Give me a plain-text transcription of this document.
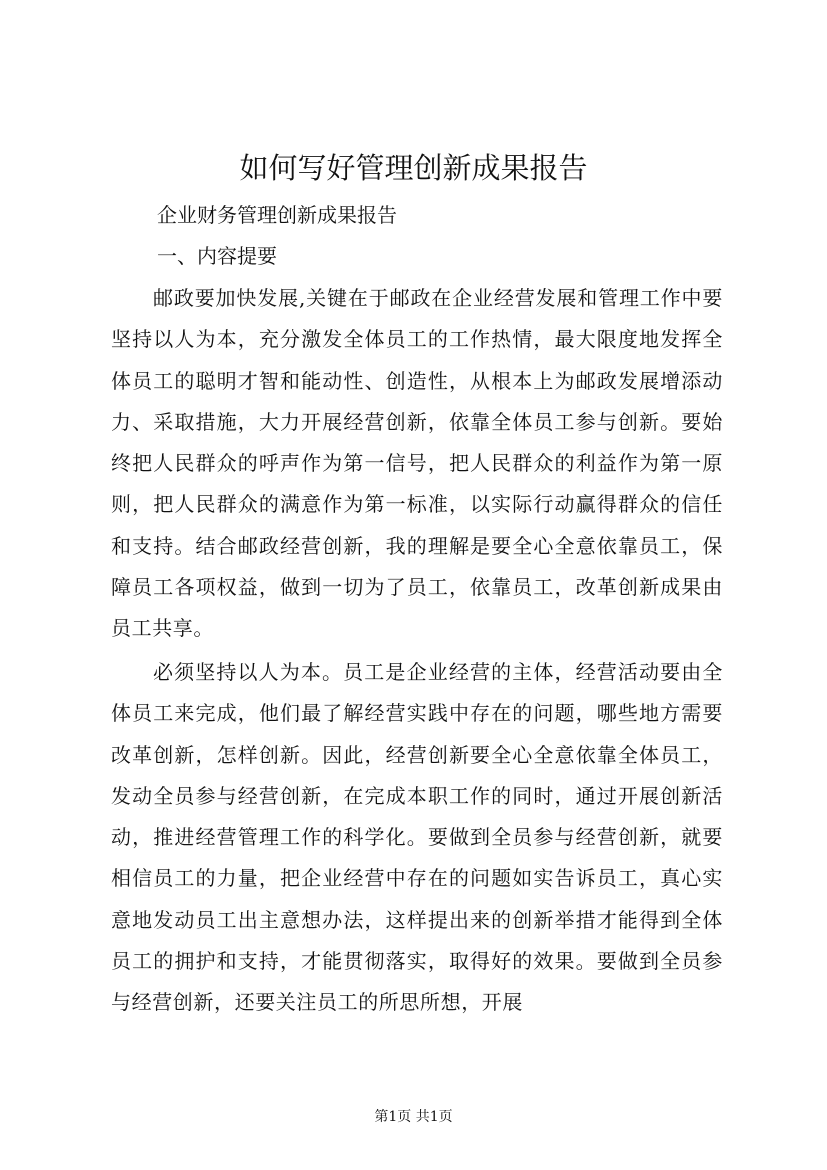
如何写好管理创新成果报告

企业财务管理创新成果报告

一、内容提要

邮政要加快发展,关键在于邮政在企业经营发展和管理工作中要坚持以人为本，充分激发全体员工的工作热情，最大限度地发挥全体员工的聪明才智和能动性、创造性，从根本上为邮政发展增添动力、采取措施，大力开展经营创新，依靠全体员工参与创新。要始终把人民群众的呼声作为第一信号，把人民群众的利益作为第一原则，把人民群众的满意作为第一标准，以实际行动赢得群众的信任和支持。结合邮政经营创新，我的理解是要全心全意依靠员工，保障员工各项权益，做到一切为了员工，依靠员工，改革创新成果由员工共享。

必须坚持以人为本。员工是企业经营的主体，经营活动要由全体员工来完成，他们最了解经营实践中存在的问题，哪些地方需要改革创新，怎样创新。因此，经营创新要全心全意依靠全体员工，发动全员参与经营创新，在完成本职工作的同时，通过开展创新活动，推进经营管理工作的科学化。要做到全员参与经营创新，就要相信员工的力量，把企业经营中存在的问题如实告诉员工，真心实意地发动员工出主意想办法，这样提出来的创新举措才能得到全体员工的拥护和支持，才能贯彻落实，取得好的效果。要做到全员参与经营创新，还要关注员工的所思所想，开展

第1页 共1页
